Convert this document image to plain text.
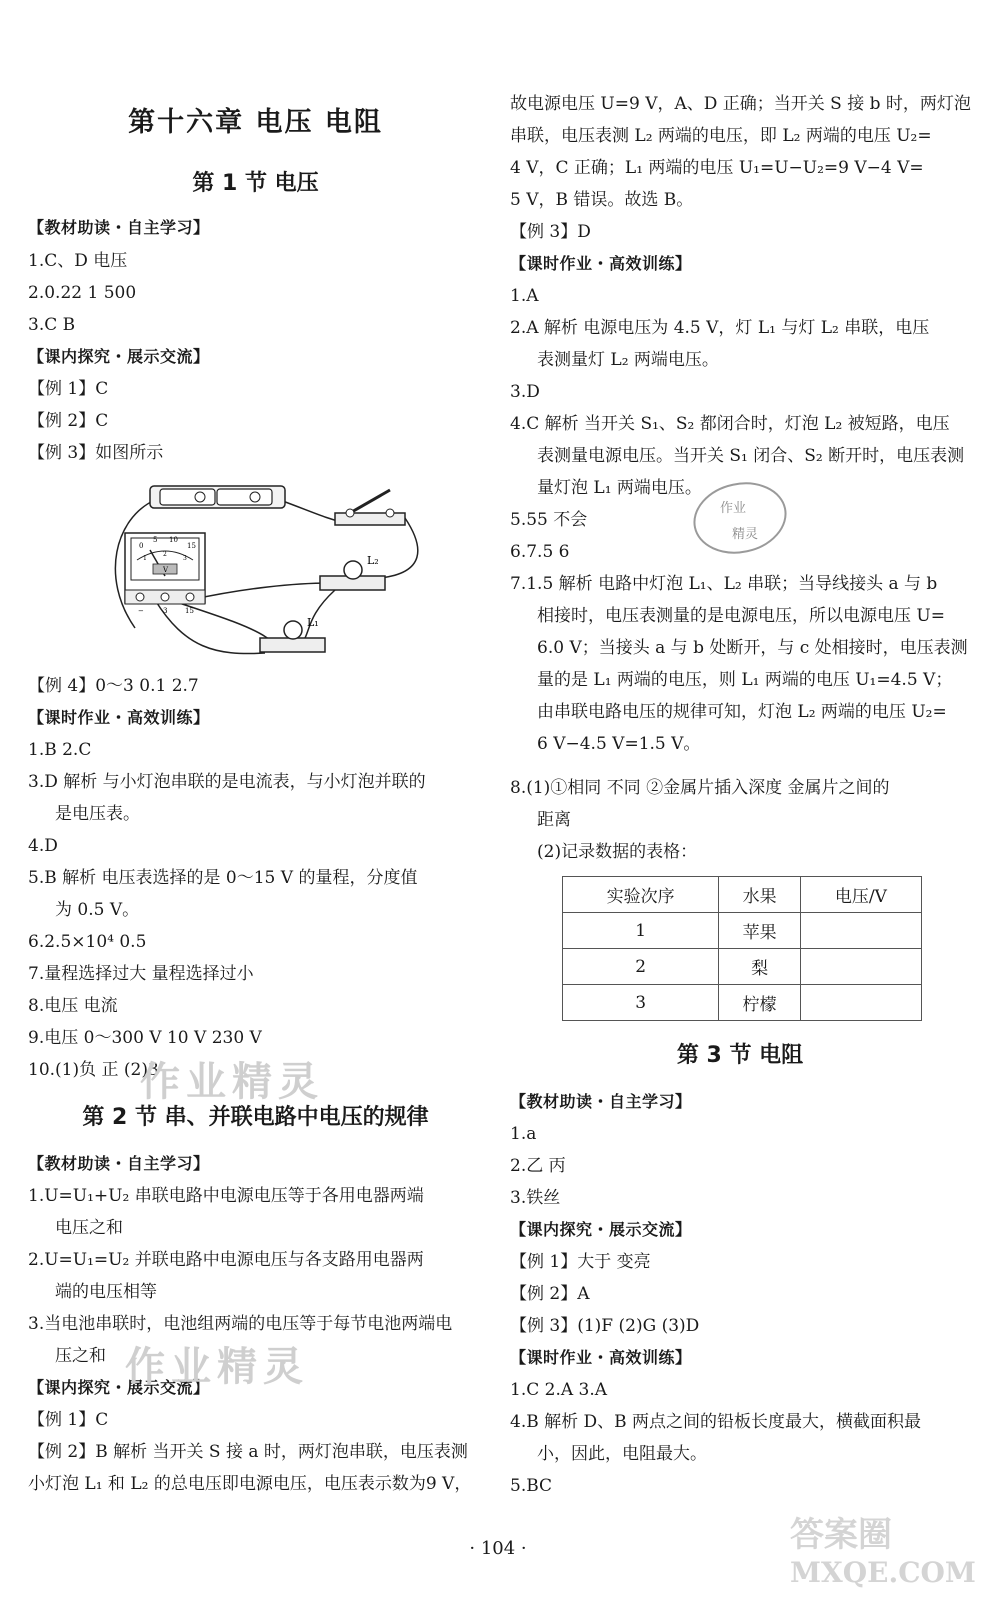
第十六章 电压 电阻
第 1 节 电压
【教材助读・自主学习】
1.C、D 电压
2.0.22 1 500
3.C B
【课内探究・展示交流】
【例 1】C
【例 2】C
【例 3】如图所示
【例 4】0～3 0.1 2.7
【课时作业・高效训练】
1.B 2.C
3.D 解析 与小灯泡串联的是电流表，与小灯泡并联的
是电压表。
4.D
5.B 解析 电压表选择的是 0～15 V 的量程，分度值
为 0.5 V。
6.2.5×10⁴ 0.5
7.量程选择过大 量程选择过小
8.电压 电流
9.电压 0～300 V 10 V 230 V
10.(1)负 正 (2)3
第 2 节 串、并联电路中电压的规律
【教材助读・自主学习】
1.U=U₁+U₂ 串联电路中电源电压等于各用电器两端
电压之和
2.U=U₁=U₂ 并联电路中电源电压与各支路用电器两
端的电压相等
3.当电池串联时，电池组两端的电压等于每节电池两端电
压之和
【课内探究・展示交流】
【例 1】C
【例 2】B 解析 当开关 S 接 a 时，两灯泡串联，电压表测
小灯泡 L₁ 和 L₂ 的总电压即电源电压，电压表示数为9 V，
0
5 10
15
1
2
3
V
−	3	15
L₂
L₁
故电源电压 U=9 V，A、D 正确；当开关 S 接 b 时，两灯泡
串联，电压表测 L₂ 两端的电压，即 L₂ 两端的电压 U₂=
4 V，C 正确；L₁ 两端的电压 U₁=U−U₂=9 V−4 V=
5 V，B 错误。故选 B。
【例 3】D
【课时作业・高效训练】
1.A
2.A 解析 电源电压为 4.5 V，灯 L₁ 与灯 L₂ 串联，电压
表测量灯 L₂ 两端电压。
3.D
4.C 解析 当开关 S₁、S₂ 都闭合时，灯泡 L₂ 被短路，电压
表测量电源电压。当开关 S₁ 闭合、S₂ 断开时，电压表测
量灯泡 L₁ 两端电压。
5.55 不会
6.7.5 6
7.1.5 解析 电路中灯泡 L₁、L₂ 串联；当导线接头 a 与 b
相接时，电压表测量的是电源电压，所以电源电压 U=
6.0 V；当接头 a 与 b 处断开，与 c 处相接时，电压表测
量的是 L₁ 两端的电压，则 L₁ 两端的电压 U₁=4.5 V；
由串联电路电压的规律可知，灯泡 L₂ 两端的电压 U₂=
6 V−4.5 V=1.5 V。
8.(1)①相同 不同 ②金属片插入深度 金属片之间的
距离
(2)记录数据的表格：
实验次序	水果	电压/V
1	苹果	
2	梨	
3	柠檬	
第 3 节 电阻
【教材助读・自主学习】
1.a
2.乙 丙
3.铁丝
【课内探究・展示交流】
【例 1】大于 变亮
【例 2】A
【例 3】(1)F (2)G (3)D
【课时作业・高效训练】
1.C 2.A 3.A
4.B 解析 D、B 两点之间的铅板长度最大，横截面积最
小，因此，电阻最大。
5.BC
作业
精灵
作业精灵
作业精灵
答案圈
MXQE.COM
· 104 ·
